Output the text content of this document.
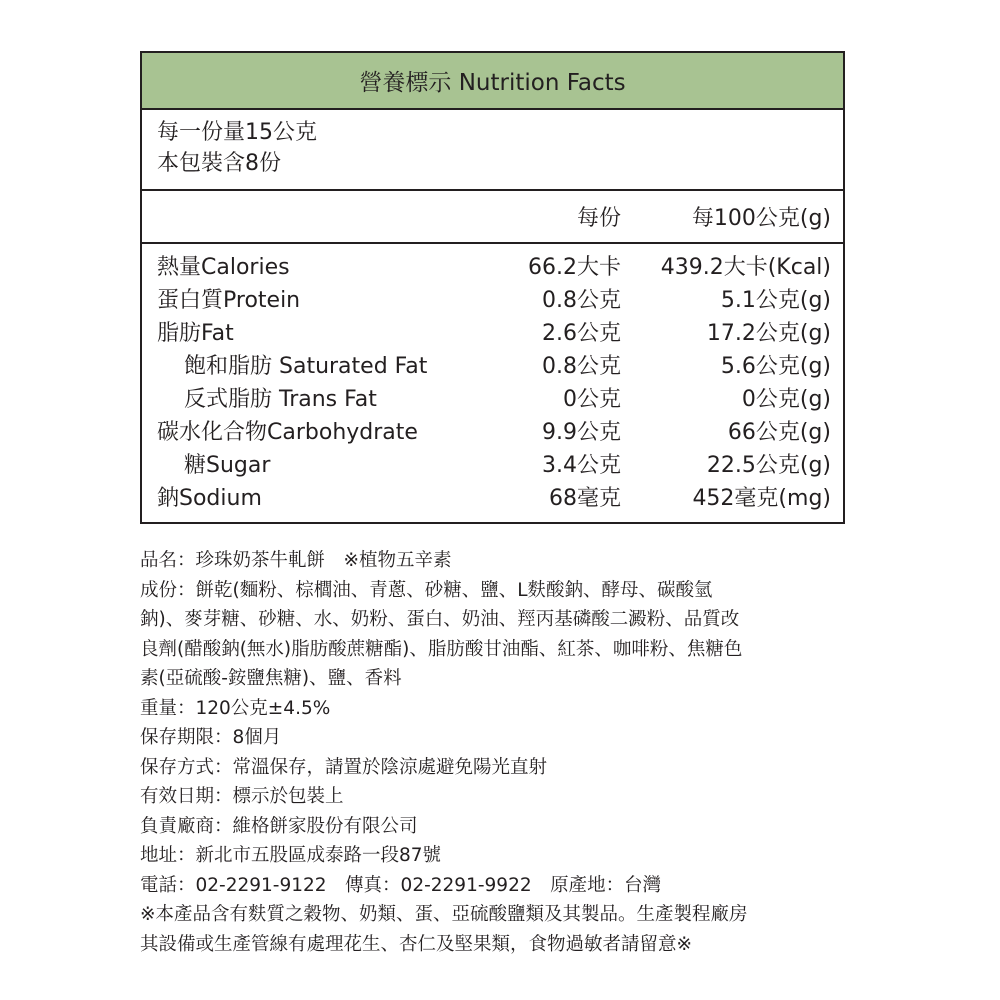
營養標示 Nutrition Facts
每一份量15公克
本包裝含8份
每份	每100公克(g)
熱量Calories	66.2大卡 439.2大卡(Kcal)
蛋白質Protein	0.8公克	5.1公克(g)
脂肪Fat	2.6公克	17.2公克(g)
飽和脂肪 Saturated Fat	0.8公克	5.6公克(g)
反式脂肪 Trans Fat	0公克	0公克(g)
碳水化合物Carbohydrate	9.9公克	66公克(g)
糖Sugar	3.4公克	22.5公克(g)
鈉Sodium	68毫克	452毫克(mg)
品名：珍珠奶茶牛軋餅　※植物五辛素
成份：餅乾(麵粉、棕櫚油、青蔥、砂糖、鹽、L麩酸鈉、酵母、碳酸氫
鈉)、麥芽糖、砂糖、水、奶粉、蛋白、奶油、羥丙基磷酸二澱粉、品質改
良劑(醋酸鈉(無水)脂肪酸蔗糖酯)、脂肪酸甘油酯、紅茶、咖啡粉、焦糖色
素(亞硫酸-銨鹽焦糖)、鹽、香料
重量：120公克±4.5%
保存期限：8個月
保存方式：常溫保存，請置於陰涼處避免陽光直射
有效日期：標示於包裝上
負責廠商：維格餅家股份有限公司
地址：新北市五股區成泰路一段87號
電話：02-2291-9122　傳真：02-2291-9922　原產地：台灣
※本產品含有麩質之穀物、奶類、蛋、亞硫酸鹽類及其製品。生產製程廠房
其設備或生產管線有處理花生、杏仁及堅果類，食物過敏者請留意※
